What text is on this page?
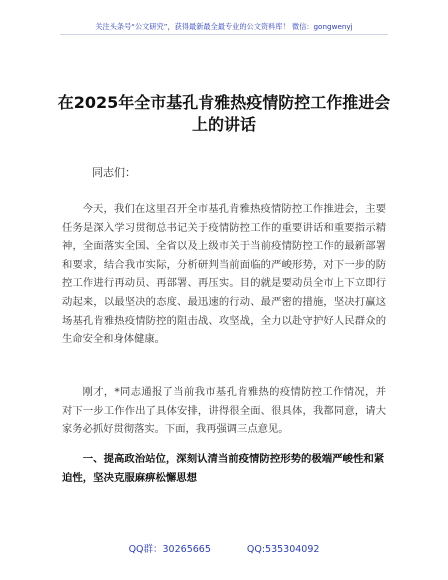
关注头条号“公文研究”，获得最新最全最专业的公文资料库！ 微信：gongwenyj
在2025年全市基孔肯雅热疫情防控工作推进会上的讲话
同志们：

今天，我们在这里召开全市基孔肯雅热疫情防控工作推进会，主要任务是深入学习贯彻总书记关于疫情防控工作的重要讲话和重要指示精神，全面落实全国、全省以及上级市关于当前疫情防控工作的最新部署和要求，结合我市实际，分析研判当前面临的严峻形势，对下一步的防控工作进行再动员、再部署、再压实。目的就是要动员全市上下立即行动起来，以最坚决的态度、最迅速的行动、最严密的措施，坚决打赢这场基孔肯雅热疫情防控的阻击战、攻坚战，全力以赴守护好人民群众的生命安全和身体健康。

刚才，*同志通报了当前我市基孔肯雅热的疫情防控工作情况，并对下一步工作作出了具体安排，讲得很全面、很具体，我都同意，请大家务必抓好贯彻落实。下面，我再强调三点意见。

一、提高政治站位，深刻认清当前疫情防控形势的极端严峻性和紧迫性，坚决克服麻痹松懈思想

QQ群：30265665	QQ:535304092
